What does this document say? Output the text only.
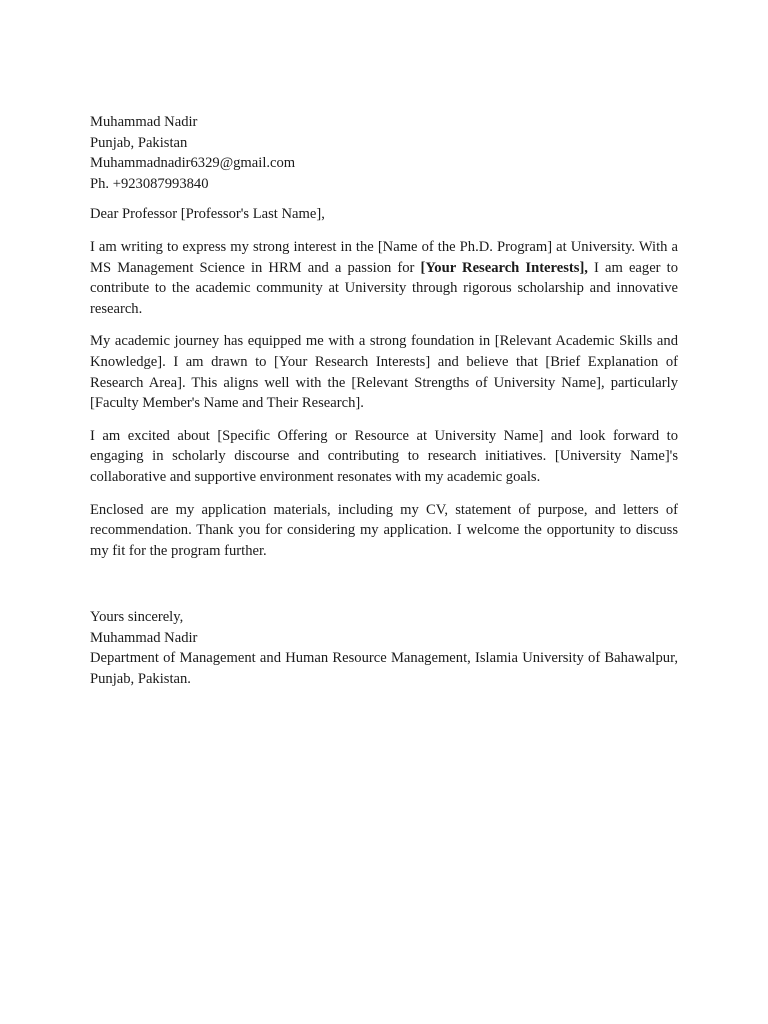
Muhammad Nadir

Punjab, Pakistan

Muhammadnadir6329@gmail.com

Ph. +923087993840

Dear Professor [Professor's Last Name],

I am writing to express my strong interest in the [Name of the Ph.D. Program] at University. With a MS Management Science in HRM and a passion for [Your Research Interests], I am eager to contribute to the academic community at University through rigorous scholarship and innovative research.

My academic journey has equipped me with a strong foundation in [Relevant Academic Skills and Knowledge]. I am drawn to [Your Research Interests] and believe that [Brief Explanation of Research Area]. This aligns well with the [Relevant Strengths of University Name], particularly [Faculty Member's Name and Their Research].

I am excited about [Specific Offering or Resource at University Name] and look forward to engaging in scholarly discourse and contributing to research initiatives. [University Name]'s collaborative and supportive environment resonates with my academic goals.

Enclosed are my application materials, including my CV, statement of purpose, and letters of recommendation. Thank you for considering my application. I welcome the opportunity to discuss my fit for the program further.

Yours sincerely,

Muhammad Nadir

Department of Management and Human Resource Management, Islamia University of Bahawalpur, Punjab, Pakistan.
